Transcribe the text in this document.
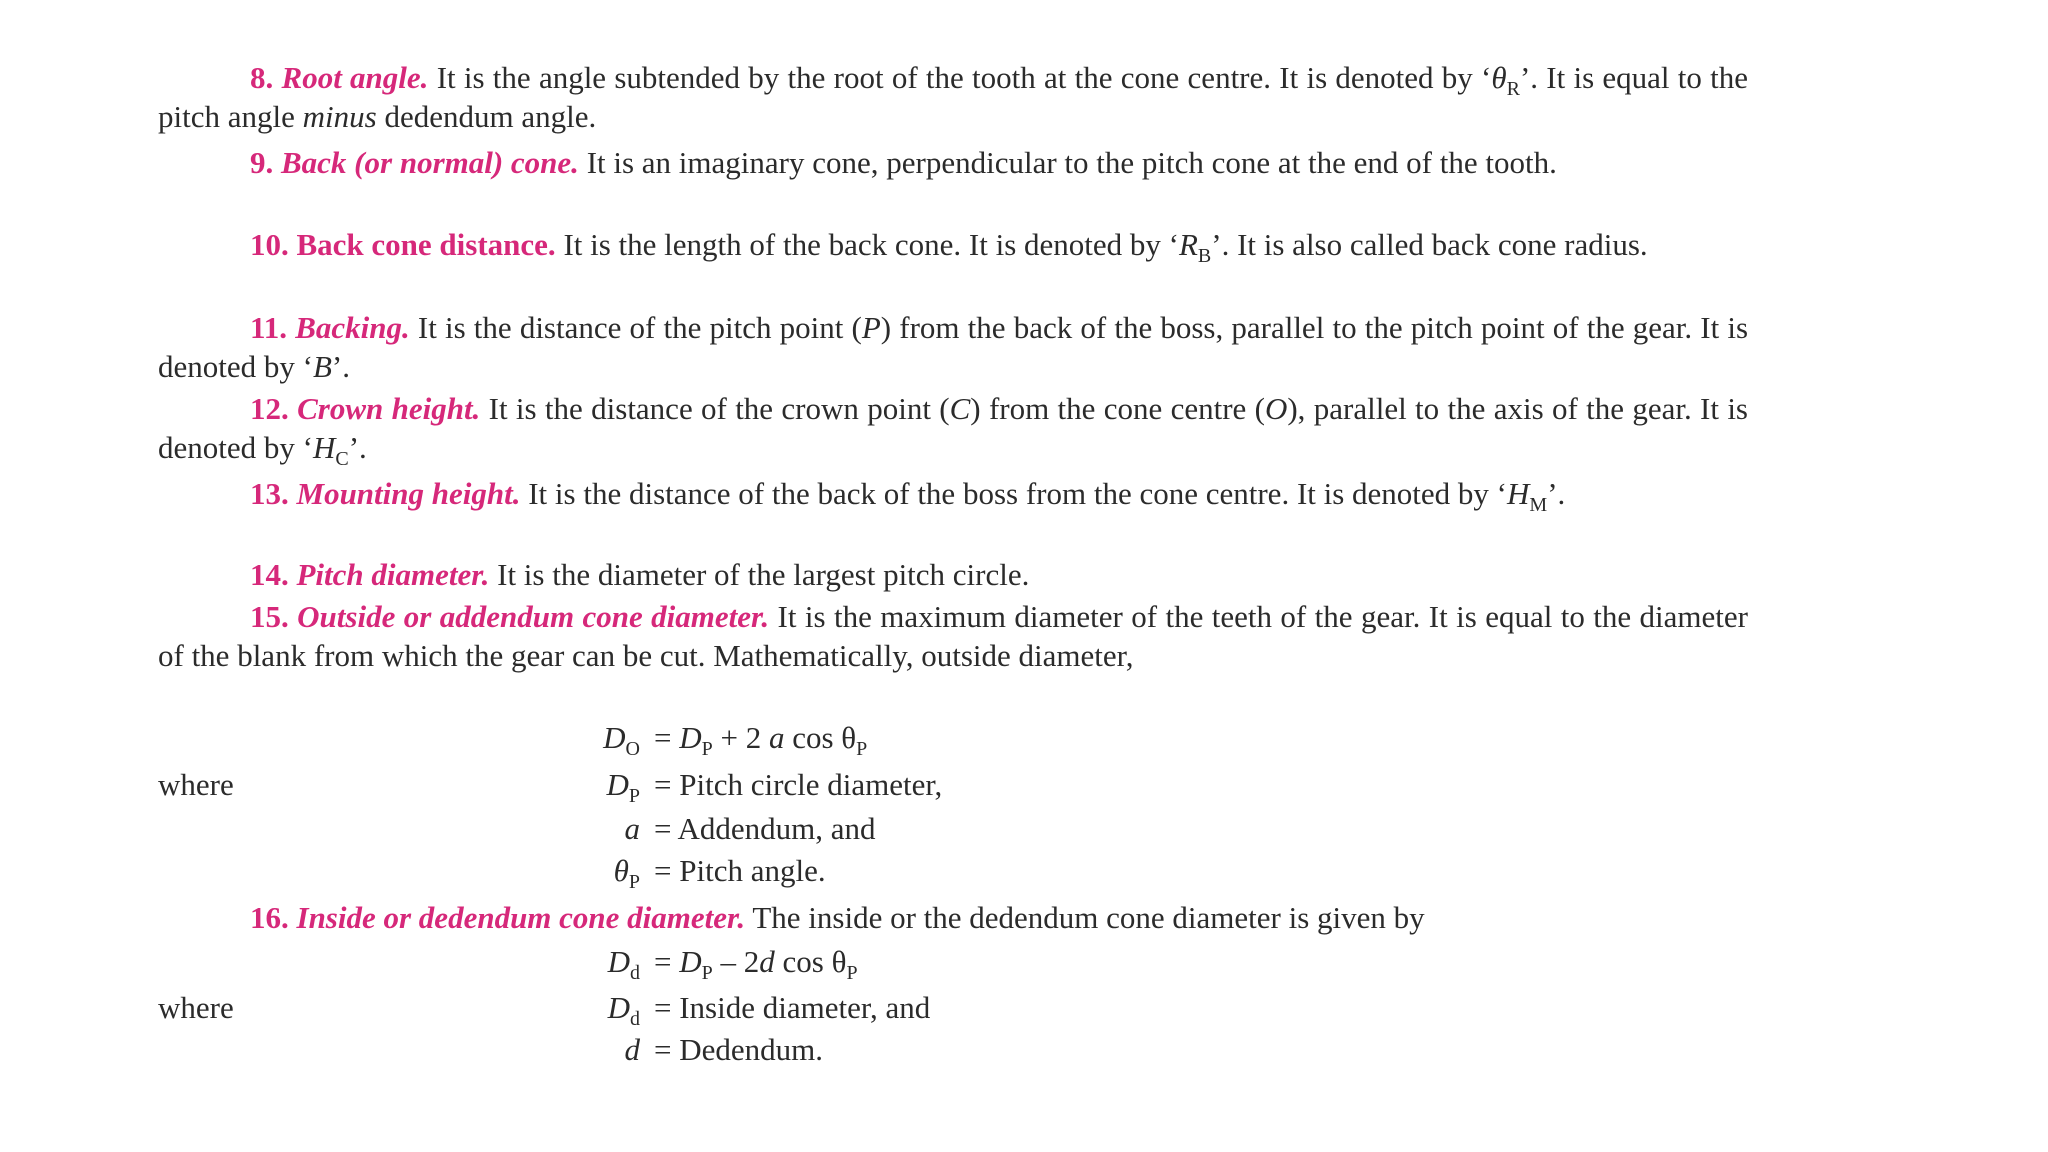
8. Root angle. It is the angle subtended by the root of the tooth at the cone centre. It is denoted by ‘$\theta_R$’. It is equal to the pitch angle minus dedendum angle.
9. Back (or normal) cone. It is an imaginary cone, perpendicular to the pitch cone at the end of the tooth.
10. Back cone distance. It is the length of the back cone. It is denoted by ‘$R_B$’. It is also called back cone radius.
11. Backing. It is the distance of the pitch point (P) from the back of the boss, parallel to the pitch point of the gear. It is denoted by ‘B’.
12. Crown height. It is the distance of the crown point (C) from the cone centre (O), parallel to the axis of the gear. It is denoted by ‘$H_C$’.
13. Mounting height. It is the distance of the back of the boss from the cone centre. It is denoted by ‘$H_M$’.
14. Pitch diameter. It is the diameter of the largest pitch circle.
15. Outside or addendum cone diameter. It is the maximum diameter of the teeth of the gear. It is equal to the diameter of the blank from which the gear can be cut. Mathematically, outside diameter,
$D_O = D_P + 2$ a $\cos \theta_P$
where	$D_P$ = Pitch circle diameter,
a = Addendum, and
$\theta_P$ = Pitch angle.
16. Inside or dedendum cone diameter. The inside or the dedendum cone diameter is given by
$D_d = D_P - 2d$ $\cos \theta_P$
where	$D_d$ = Inside diameter, and
d = Dedendum.
